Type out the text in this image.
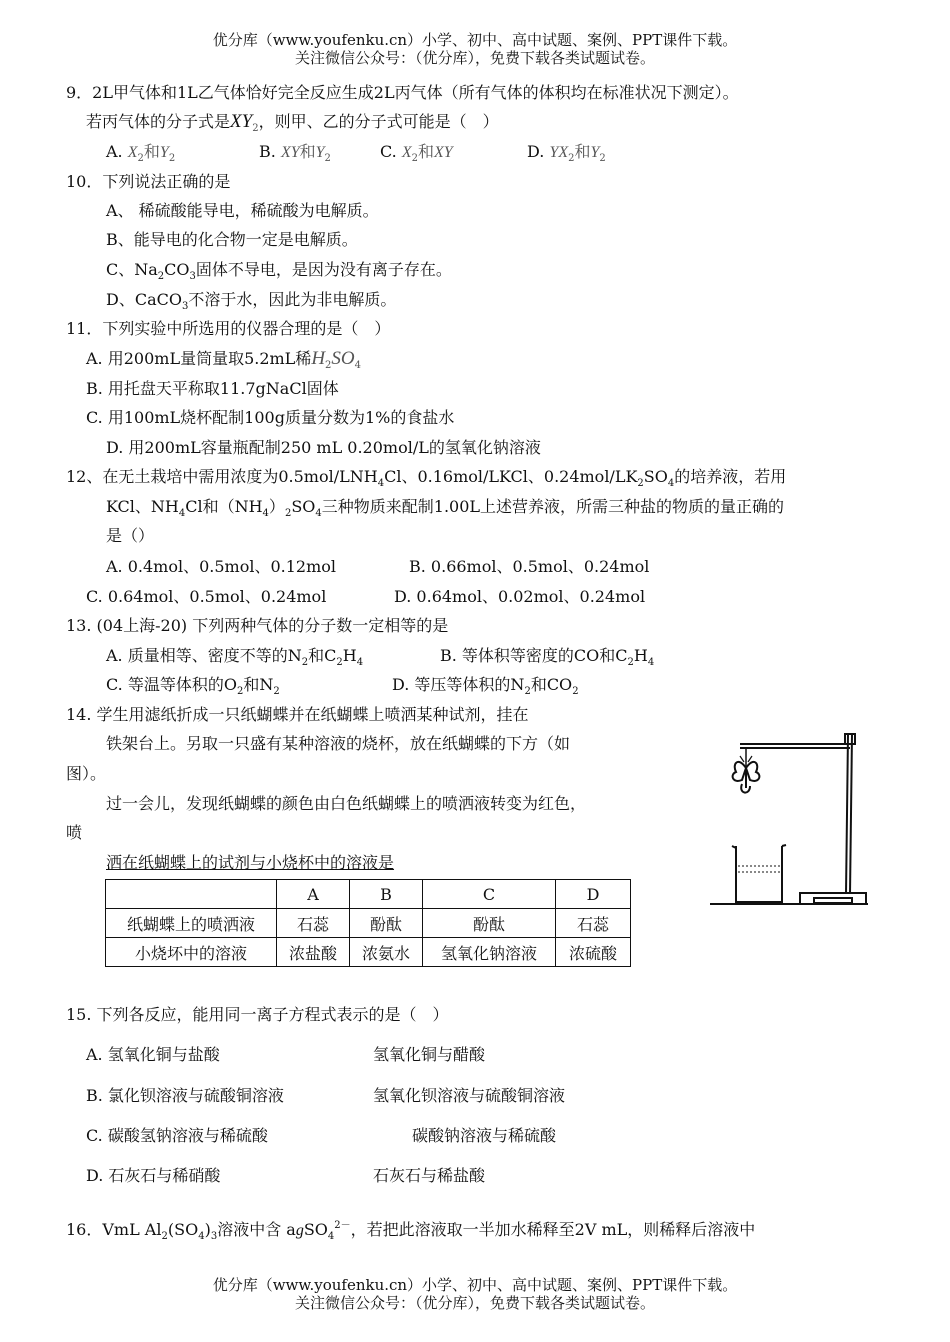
优分库（www.youfenku.cn）小学、初中、高中试题、案例、PPT课件下载。
关注微信公众号：（优分库），免费下载各类试题试卷。
9．2L甲气体和1L乙气体恰好完全反应生成2L丙气体（所有气体的体积均在标准状况下测定）。
若丙气体的分子式是$XY_2$，则甲、乙的分子式可能是（　）
A. $X_2$和$Y_2$	B. XY和$Y_2$	C. $X_2$和XY	D. $YX_2$和$Y_2$
10．下列说法正确的是
A、 稀硫酸能导电，稀硫酸为电解质。
B、能导电的化合物一定是电解质。
C、$Na_2CO_3$固体不导电，是因为没有离子存在。
D、CaCO$_3$不溶于水，因此为非电解质。
11．下列实验中所选用的仪器合理的是（　）
A. 用200mL量筒量取5.2mL稀$H_2SO_4$
B. 用托盘天平称取11.7gNaCl固体
C. 用100mL烧杯配制100g质量分数为1%的食盐水
D. 用200mL容量瓶配制250 mL 0.20mol/L的氢氧化钠溶液
12、在无土栽培中需用浓度为$0.5mol/LNH_4Cl$、0.16mol/LKCl、$0.24mol/LK_2SO_4$的培养液，若用
KCl、$NH_4Cl$和$(NH_4)_2SO_4$三种物质来配制1.00L上述营养液，所需三种盐的物质的量正确的
是（）
A. 0.4mol、0.5mol、0.12mol	B. 0.66mol、0.5mol、0.24mol
C. 0.64mol、0.5mol、0.24mol	D. 0.64mol、0.02mol、0.24mol
13. (04上海-20) 下列两种气体的分子数一定相等的是
A. 质量相等、密度不等的$N_2$和$C_2H_4$	B. 等体积等密度的CO和$C_2H_4$
C. 等温等体积的$O_2$和$N_2$	D. 等压等体积的$N_2$和$CO_2$
14. 学生用滤纸折成一只纸蝴蝶并在纸蝴蝶上喷洒某种试剂，挂在
铁架台上。另取一只盛有某种溶液的烧杯，放在纸蝴蝶的下方（如
图）。
过一会儿，发现纸蝴蝶的颜色由白色纸蝴蝶上的喷洒液转变为红色，
喷
洒在纸蝴蝶上的试剂与小烧杯中的溶液是
	A	B	C	D
纸蝴蝶上的喷洒液	石蕊	酚酞	酚酞	石蕊
小烧坏中的溶液	浓盐酸	浓氨水	氢氧化钠溶液	浓硫酸
15. 下列各反应，能用同一离子方程式表示的是（　）
A. 氢氧化铜与盐酸	氢氧化铜与醋酸
B. 氯化钡溶液与硫酸铜溶液	氢氧化钡溶液与硫酸铜溶液
C. 碳酸氢钠溶液与稀硫酸	碳酸钠溶液与稀硫酸
D. 石灰石与稀硝酸	石灰石与稀盐酸
16．VmL $Al_2(SO_4)_3$溶液中含 agSO$_4^{2-}$，若把此溶液取一半加水稀释至2V mL，则稀释后溶液中
优分库（www.youfenku.cn）小学、初中、高中试题、案例、PPT课件下载。
关注微信公众号：（优分库），免费下载各类试题试卷。
